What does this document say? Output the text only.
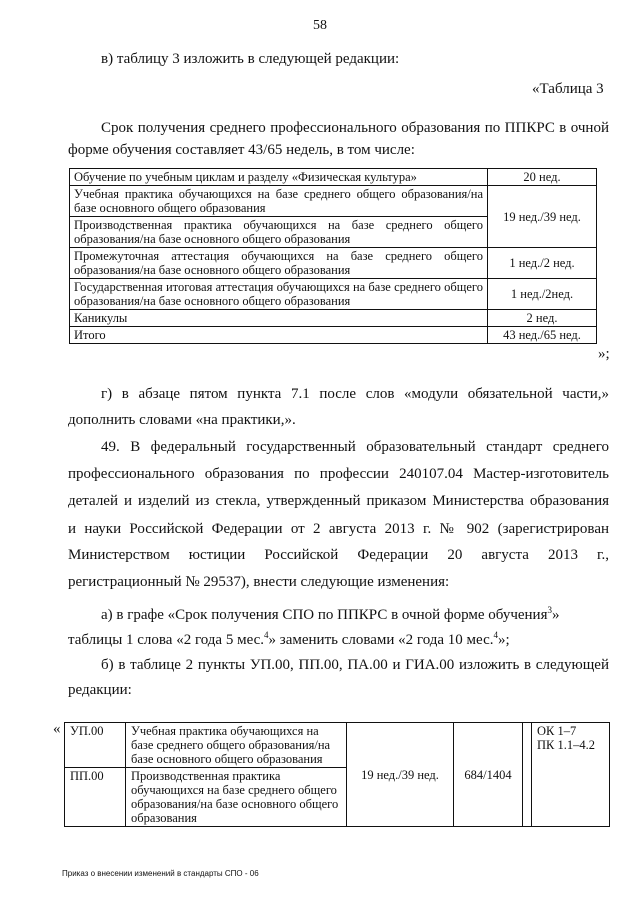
58
в) таблицу 3 изложить в следующей редакции:
«Таблица 3
Срок получения среднего профессионального образования по ППКРС в очной
форме обучения составляет 43/65 недель, в том числе:
Обучение по учебным циклам и разделу «Физическая культура»	20 нед.
Учебная практика обучающихся на базе среднего общего образования/на базе основного общего образования	19 нед./39 нед.
Производственная практика обучающихся на базе среднего общего образования/на базе основного общего образования	
Промежуточная аттестация обучающихся на базе среднего общего образования/на базе основного общего образования	1 нед./2 нед.
Государственная итоговая аттестация обучающихся на базе среднего общего образования/на базе основного общего образования	1 нед./2нед.
Каникулы	2 нед.
Итого	43 нед./65 нед.
»;
г) в абзаце пятом пункта 7.1 после слов «модули обязательной части,»
дополнить словами «на практики,».
49. В федеральный государственный образовательный стандарт среднего
профессионального образования по профессии 240107.04 Мастер-изготовитель
деталей и изделий из стекла, утвержденный приказом Министерства образования
и науки Российской Федерации от 2 августа 2013 г. № 902 (зарегистрирован
Министерством юстиции Российской Федерации 20 августа 2013 г.,
регистрационный № 29537), внести следующие изменения:
а) в графе «Срок получения СПО по ППКРС в очной форме обучения$^3$»
таблицы 1 слова «2 года 5 мес.$^4$» заменить словами «2 года 10 мес.$^4$»;
б) в таблице 2 пункты УП.00, ПП.00, ПА.00 и ГИА.00 изложить в следующей
редакции:
« УП.00	Учебная практика обучающихся на базе среднего общего образования/на базе основного общего образования	19 нед./39 нед.	684/1404		ОК 1–7
ПК 1.1–4.2

ПП.00	Производственная практика обучающихся на базе среднего общего образования/на базе основного общего образования				
Приказ о внесении изменений в стандарты СПО - 06
